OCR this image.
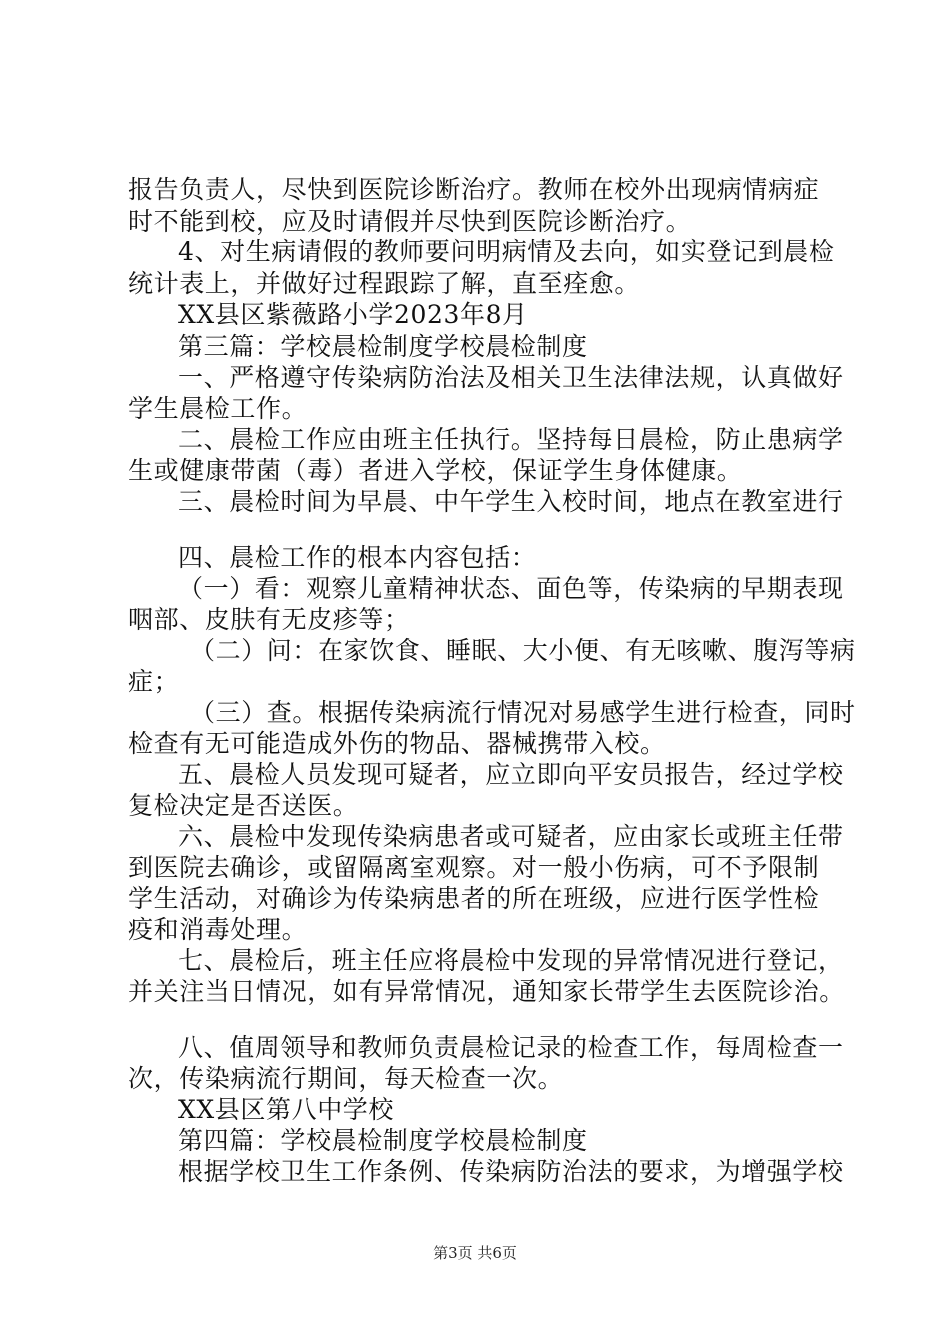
报告负责人，尽快到医院诊断治疗。教师在校外出现病情病症
时不能到校，应及时请假并尽快到医院诊断治疗。
4、对生病请假的教师要问明病情及去向，如实登记到晨检
统计表上，并做好过程跟踪了解，直至痊愈。
XX县区紫薇路小学2023年8月
第三篇：学校晨检制度学校晨检制度
一、严格遵守传染病防治法及相关卫生法律法规，认真做好
学生晨检工作。
二、晨检工作应由班主任执行。坚持每日晨检，防止患病学
生或健康带菌（毒）者进入学校，保证学生身体健康。
三、晨检时间为早晨、中午学生入校时间，地点在教室进行
四、晨检工作的根本内容包括：
（一）看：观察儿童精神状态、面色等，传染病的早期表现
咽部、皮肤有无皮疹等；
（二）问：在家饮食、睡眠、大小便、有无咳嗽、腹泻等病
症；
（三）查。根据传染病流行情况对易感学生进行检查，同时
检查有无可能造成外伤的物品、器械携带入校。
五、晨检人员发现可疑者，应立即向平安员报告，经过学校
复检决定是否送医。
六、晨检中发现传染病患者或可疑者，应由家长或班主任带
到医院去确诊，或留隔离室观察。对一般小伤病，可不予限制
学生活动，对确诊为传染病患者的所在班级，应进行医学性检
疫和消毒处理。
七、晨检后，班主任应将晨检中发现的异常情况进行登记，
并关注当日情况，如有异常情况，通知家长带学生去医院诊治。
八、值周领导和教师负责晨检记录的检查工作，每周检查一
次，传染病流行期间，每天检查一次。
XX县区第八中学校
第四篇：学校晨检制度学校晨检制度
根据学校卫生工作条例、传染病防治法的要求，为增强学校
第3页 共6页
